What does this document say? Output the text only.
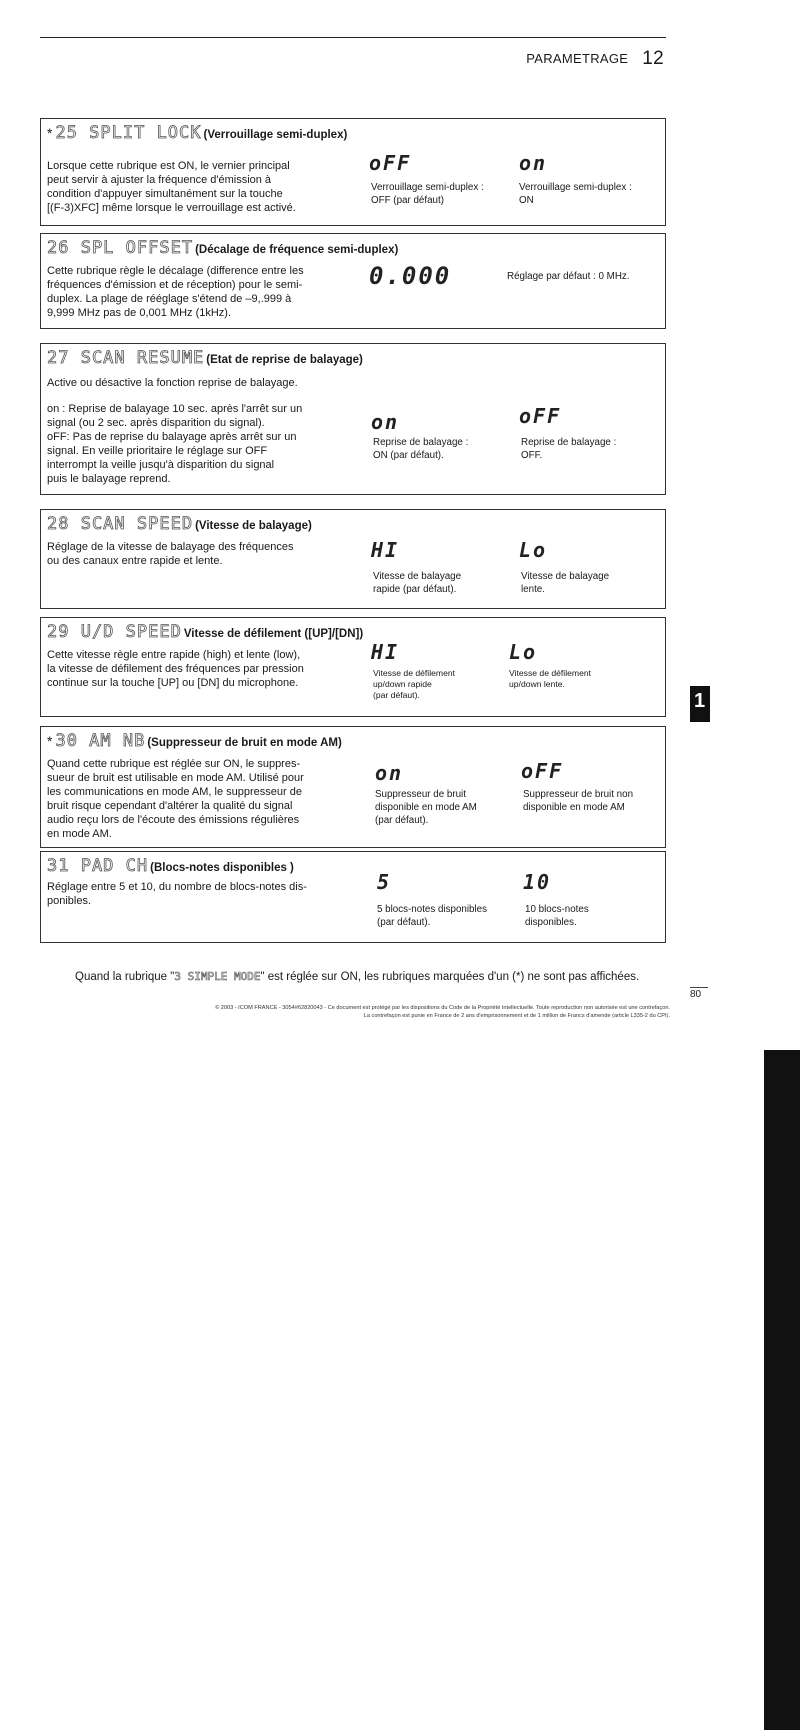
PARAMETRAGE 12
* 25 SPLIT LOCK (Verrouillage semi-duplex)
Lorsque cette rubrique est ON, le vernier principal
peut servir à ajuster la fréquence d'émission à
condition d'appuyer simultanément sur la touche
[(F-3)XFC] même lorsque le verrouillage est activé.
oFF
Verrouillage semi-duplex :
OFF (par défaut)
on
Verrouillage semi-duplex :
ON
26 SPL OFFSET (Décalage de fréquence semi-duplex)
Cette rubrique règle le décalage (difference entre les
fréquences d'émission et de réception) pour le semi-
duplex. La plage de rééglage s'étend de –9,.999 à
9,999 MHz pas de 0,001 MHz (1kHz).
0.000	Réglage par défaut : 0 MHz.
27 SCAN RESUME (Etat de reprise de balayage)
Active ou désactive la fonction reprise de balayage.
on : Reprise de balayage 10 sec. après l'arrêt sur un
signal (ou 2 sec. après disparition du signal).
oFF: Pas de reprise du balayage après arrêt sur un
signal. En veille prioritaire le réglage sur OFF
interrompt la veille jusqu'à disparition du signal
puis le balayage reprend.
on
Reprise de balayage :
ON (par défaut).
oFF
Reprise de balayage :
OFF.
28 SCAN SPEED (Vitesse de balayage)
Réglage de la vitesse de balayage des fréquences
ou des canaux entre rapide et lente.	HI
Vitesse de balayage
rapide (par défaut).
Lo
Vitesse de balayage
lente.
29 U/D SPEED Vitesse de défilement ([UP]/[DN])
Cette vitesse règle entre rapide (high) et lente (low),
la vitesse de défilement des fréquences par pression
continue sur la touche [UP] ou [DN] du microphone.
HI
Vitesse de défilement
up/down rapide
(par défaut).
Lo
Vitesse de défilement
up/down lente.
* 30 AM NB (Suppresseur de bruit en mode AM)
Quand cette rubrique est réglée sur ON, le suppres-
sueur de bruit est utilisable en mode AM. Utilisé pour
les communications en mode AM, le suppresseur de
bruit risque cependant d'altérer la qualité du signal
audio reçu lors de l'écoute des émissions régulières
en mode AM.
on
Suppresseur de bruit
disponible en mode AM
(par défaut).
oFF
Suppresseur de bruit non
disponible en mode AM
31 PAD CH (Blocs-notes disponibles )
Réglage entre 5 et 10, du nombre de blocs-notes dis-
ponibles.
5
5 blocs-notes disponibles
(par défaut).
10
10 blocs-notes
disponibles.
1
Quand la rubrique "3 SIMPLE MODE" est réglée sur ON, les rubriques marquées d'un (*) ne sont pas affichées.
80
© 2003 - ICOM FRANCE - 3054#62820043 - Ce document est protégé par les dispositions du Code de la Propriété Intellectuelle. Toute reproduction non autorisée est une contrefaçon.
La contrefaçon est punie en France de 2 ans d'emprisonnement et de 1 million de Francs d'amende (article L335-2 du CPI).
